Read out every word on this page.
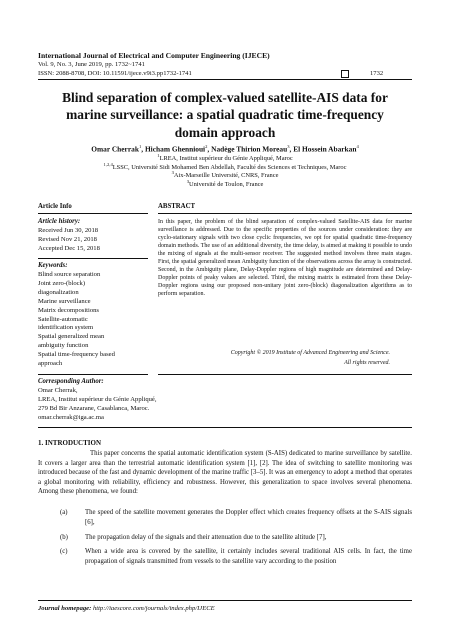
International Journal of Electrical and Computer Engineering (IJECE)
Vol. 9, No. 3, June 2019, pp. 1732~1741
ISSN: 2088-8708, DOI: 10.11591/ijece.v9i3.pp1732-1741	1732
Blind separation of complex-valued satellite-AIS data for
marine surveillance: a spatial quadratic time-frequency
domain approach
Omar Cherrak$^1$, Hicham Ghennioui$^2$, Nadège Thirion Moreau$^3$, El Hossein Abarkan$^4$
$^1$LREA, Institut supérieur du Génie Appliqué, Maroc
$^{1,2,4}$LSSC, Université Sidi Mohamed Ben Abdellah, Faculté des Sciences et Techniques, Maroc
$^3$Aix-Marseille Université, CNRS, France
$^3$Université de Toulon, France
Article Info	ABSTRACT
Article history:
Received Jun 30, 2018
Revised Nov 21, 2018
Accepted Dec 15, 2018
Keywords:
Blind source separation
Joint zero-(block)
diagonalization
Marine surveillance
Matrix decompositions
Satellite-automatic
identification system
Spatial generalized mean
ambiguity function
Spatial time-frequency based
approach
In this paper, the problem of the blind separation of complex-valued Satellite-AIS data for marine surveillance is addressed. Due to the specific properties of the sources under consideration: they are cyclo-stationary signals with two close cyclic frequencies, we opt for spatial quadratic time-frequency domain methods. The use of an additional diversity, the time delay, is aimed at making it possible to undo the mixing of signals at the multi-sensor receiver. The suggested method involves three main stages. First, the spatial generalized mean Ambiguity function of the observations across the array is constructed. Second, in the Ambiguity plane, Delay-Doppler regions of high magnitude are determined and Delay-Doppler points of peaky values are selected. Third, the mixing matrix is estimated from these Delay-Doppler regions using our proposed non-unitary joint zero-(block) diagonalization algorithms as to perform separation.
Copyright © 2019 Institute of Advanced Engineering and Science.
All rights reserved.
Corresponding Author:
Omar Cherrak,
LREA, Institut supérieur du Génie Appliqué,
279 Bd Bir Anzarane, Casablanca, Maroc.
omar.cherrak@iga.ac.ma
1. INTRODUCTION
This paper concerns the spatial automatic identification system (S-AIS) dedicated to marine surveillance by satellite. It covers a larger area than the terrestrial automatic identification system [1], [2]. The idea of switching to satellite monitoring was introduced because of the fast and dynamic development of the marine traffic [3–5]. It was an emergency to adopt a method that operates a global monitoring with reliability, efficiency and robustness. However, this generalization to space involves several phenomena. Among these phenomena, we found:
(a)	The speed of the satellite movement generates the Doppler effect which creates frequency offsets at the S-AIS signals [6],
(b)	The propagation delay of the signals and their attenuation due to the satellite altitude [7],
(c)	When a wide area is covered by the satellite, it certainly includes several traditional AIS cells. In fact, the time propagation of signals transmitted from vessels to the satellite vary according to the position
Journal homepage: http://iaescore.com/journals/index.php/IJECE
